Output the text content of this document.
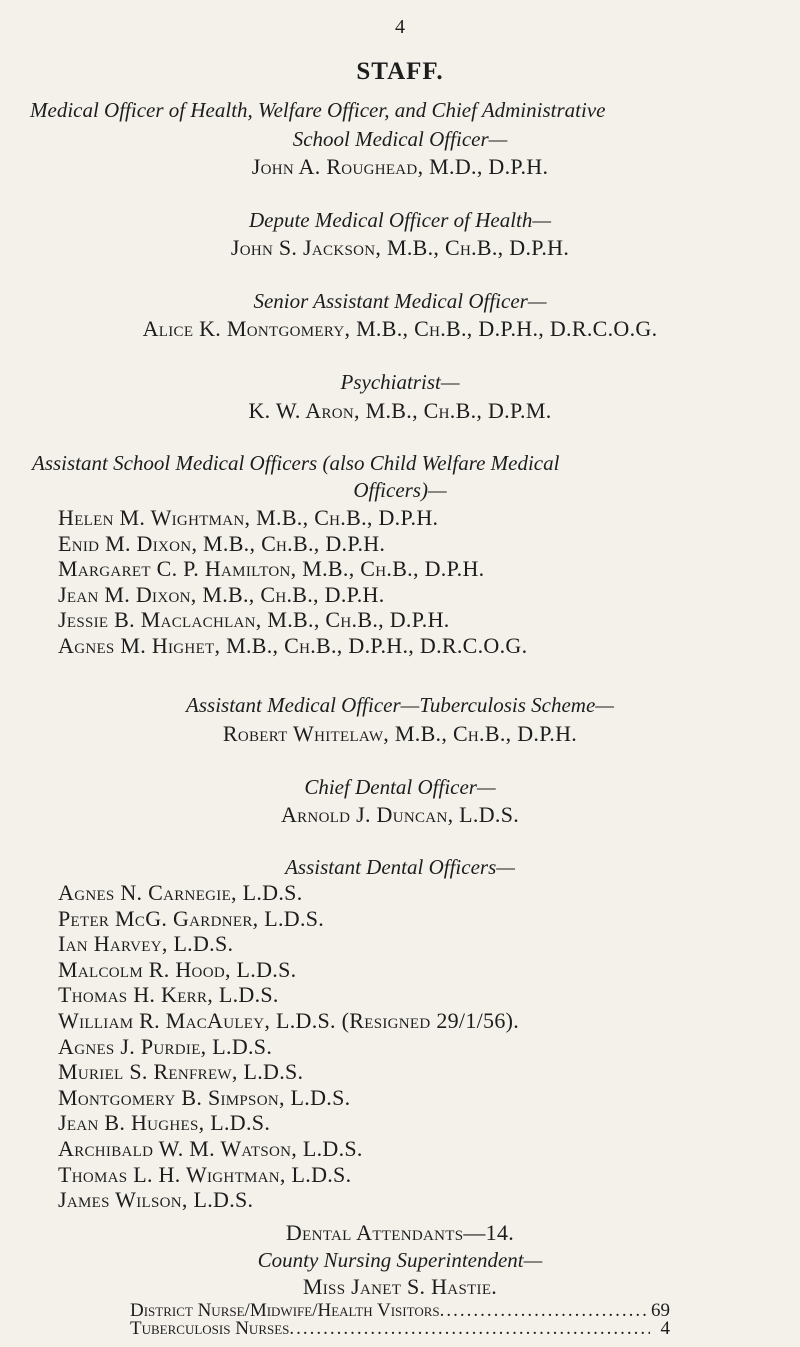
4
STAFF.
Medical Officer of Health, Welfare Officer, and Chief Administrative
School Medical Officer—
John A. Roughead, M.D., D.P.H.
Depute Medical Officer of Health—
John S. Jackson, M.B., Ch.B., D.P.H.
Senior Assistant Medical Officer—
Alice K. Montgomery, M.B., Ch.B., D.P.H., D.R.C.O.G.
Psychiatrist—
K. W. Aron, M.B., Ch.B., D.P.M.
Assistant School Medical Officers (also Child Welfare Medical
Officers)—
Helen M. Wightman, M.B., Ch.B., D.P.H.
Enid M. Dixon, M.B., Ch.B., D.P.H.
Margaret C. P. Hamilton, M.B., Ch.B., D.P.H.
Jean M. Dixon, M.B., Ch.B., D.P.H.
Jessie B. Maclachlan, M.B., Ch.B., D.P.H.
Agnes M. Highet, M.B., Ch.B., D.P.H., D.R.C.O.G.
Assistant Medical Officer—Tuberculosis Scheme—
Robert Whitelaw, M.B., Ch.B., D.P.H.
Chief Dental Officer—
Arnold J. Duncan, L.D.S.
Assistant Dental Officers—
Agnes N. Carnegie, L.D.S.
Peter McG. Gardner, L.D.S.
Ian Harvey, L.D.S.
Malcolm R. Hood, L.D.S.
Thomas H. Kerr, L.D.S.
William R. MacAuley, L.D.S. (Resigned 29/1/56).
Agnes J. Purdie, L.D.S.
Muriel S. Renfrew, L.D.S.
Montgomery B. Simpson, L.D.S.
Jean B. Hughes, L.D.S.
Archibald W. M. Watson, L.D.S.
Thomas L. H. Wightman, L.D.S.
James Wilson, L.D.S.
Dental Attendants—14.
County Nursing Superintendent—
Miss Janet S. Hastie.
District Nurse/Midwife/Health Visitors .....	69
Tuberculosis Nurses .....	4
